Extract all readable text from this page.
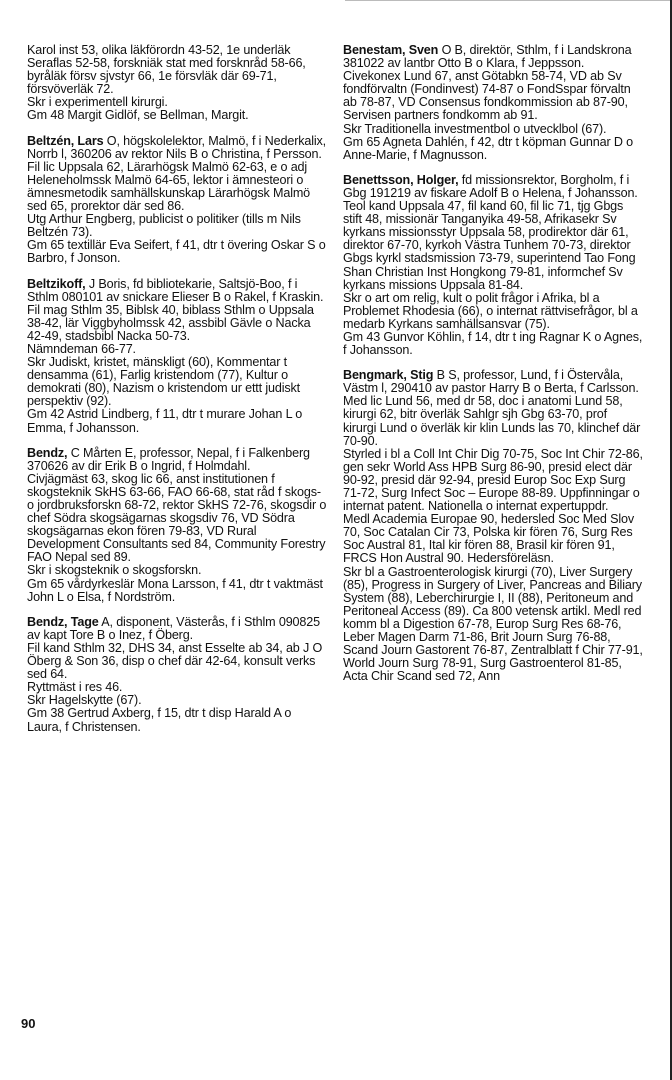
Karol inst 53, olika läkförordn 43-52, 1e underläk Seraflas 52-58, forskniäk stat med forsknråd 58-66, byråläk försv sjvstyr 66, 1e försvläk där 69-71, försvöverläk 72.

Skr i experimentell kirurgi.

Gm 48 Margit Gidlöf, se Bellman, Margit.

Beltzén, Lars O, högskolelektor, Malmö, f i Nederkalix, Norrb l, 360206 av rektor Nils B o Christina, f Persson.

Fil lic Uppsala 62, Lärarhögsk Malmö 62-63, e o adj Heleneholmssk Malmö 64-65, lektor i ämnesteori o ämnesmetodik samhällskunskap Lärarhögsk Malmö sed 65, prorektor där sed 86.

Utg Arthur Engberg, publicist o politiker (tills m Nils Beltzén 73).

Gm 65 textillär Eva Seifert, f 41, dtr t övering Oskar S o Barbro, f Jonson.

Beltzikoff, J Boris, fd bibliotekarie, Saltsjö-Boo, f i Sthlm 080101 av snickare Elieser B o Rakel, f Kraskin.

Fil mag Sthlm 35, Biblsk 40, biblass Sthlm o Uppsala 38-42, lär Viggbyholmssk 42, assbibl Gävle o Nacka 42-49, stadsbibl Nacka 50-73.

Nämndeman 66-77.

Skr Judiskt, kristet, mänskligt (60), Kommentar t densamma (61), Farlig kristendom (77), Kultur o demokrati (80), Nazism o kristendom ur ettt judiskt perspektiv (92).

Gm 42 Astrid Lindberg, f 11, dtr t murare Johan L o Emma, f Johansson.

Bendz, C Mårten E, professor, Nepal, f i Falkenberg 370626 av dir Erik B o Ingrid, f Holmdahl.

Civjägmäst 63, skog lic 66, anst institutionen f skogsteknik SkHS 63-66, FAO 66-68, stat råd f skogs- o jordbruksforskn 68-72, rektor SkHS 72-76, skogsdir o chef Södra skogsägarnas skogsdiv 76, VD Södra skogsägarnas ekon fören 79-83, VD Rural Development Consultants sed 84, Community Forestry FAO Nepal sed 89.

Skr i skogsteknik o skogsforskn.

Gm 65 vårdyrkeslär Mona Larsson, f 41, dtr t vaktmäst John L o Elsa, f Nordström.

Bendz, Tage A, disponent, Västerås, f i Sthlm 090825 av kapt Tore B o Inez, f Öberg.

Fil kand Sthlm 32, DHS 34, anst Esselte ab 34, ab J O Öberg & Son 36, disp o chef där 42-64, konsult verks sed 64.

Ryttmäst i res 46.

Skr Hagelskytte (67).

Gm 38 Gertrud Axberg, f 15, dtr t disp Harald A o Laura, f Christensen.

Benestam, Sven O B, direktör, Sthlm, f i Landskrona 381022 av lantbr Otto B o Klara, f Jeppsson.

Civekonex Lund 67, anst Götabkn 58-74, VD ab Sv fondförvaltn (Fondinvest) 74-87 o FondSspar förvaltn ab 78-87, VD Consensus fondkommission ab 87-90, Servisen partners fondkomm ab 91.

Skr Traditionella investmentbol o utvecklbol (67).

Gm 65 Agneta Dahlén, f 42, dtr t köpman Gunnar D o Anne-Marie, f Magnusson.

Benettsson, Holger, fd missionsrektor, Borgholm, f i Gbg 191219 av fiskare Adolf B o Helena, f Johansson.

Teol kand Uppsala 47, fil kand 60, fil lic 71, tjg Gbgs stift 48, missionär Tanganyika 49-58, Afrikasekr Sv kyrkans missionsstyr Uppsala 58, prodirektor där 61, direktor 67-70, kyrkoh Västra Tunhem 70-73, direktor Gbgs kyrkl stadsmission 73-79, superintend Tao Fong Shan Christian Inst Hongkong 79-81, informchef Sv kyrkans missions Uppsala 81-84.

Skr o art om relig, kult o polit frågor i Afrika, bl a Problemet Rhodesia (66), o internat rättvisefrågor, bl a medarb Kyrkans samhällsansvar (75).

Gm 43 Gunvor Köhlin, f 14, dtr t ing Ragnar K o Agnes, f Johansson.

Bengmark, Stig B S, professor, Lund, f i Östervåla, Västm l, 290410 av pastor Harry B o Berta, f Carlsson.

Med lic Lund 56, med dr 58, doc i anatomi Lund 58, kirurgi 62, bitr överläk Sahlgr sjh Gbg 63-70, prof kirurgi Lund o överläk kir klin Lunds las 70, klinchef där 70-90.

Styrled i bl a Coll Int Chir Dig 70-75, Soc Int Chir 72-86, gen sekr World Ass HPB Surg 86-90, presid elect där 90-92, presid där 92-94, presid Europ Soc Exp Surg 71-72, Surg Infect Soc – Europe 88-89. Uppfinningar o internat patent. Nationella o internat expertuppdr.

Medl Academia Europae 90, hedersled Soc Med Slov 70, Soc Catalan Cir 73, Polska kir fören 76, Surg Res Soc Austral 81, Ital kir fören 88, Brasil kir fören 91, FRCS Hon Austral 90. Hedersföreläsn.

Skr bl a Gastroenterologisk kirurgi (70), Liver Surgery (85), Progress in Surgery of Liver, Pancreas and Biliary System (88), Leberchirurgie I, II (88), Peritoneum and Peritoneal Access (89). Ca 800 vetensk artikl. Medl red komm bl a Digestion 67-78, Europ Surg Res 68-76, Leber Magen Darm 71-86, Brit Journ Surg 76-88, Scand Journ Gastorent 76-87, Zentralblatt f Chir 77-91, World Journ Surg 78-91, Surg Gastroenterol 81-85, Acta Chir Scand sed 72, Ann

90
